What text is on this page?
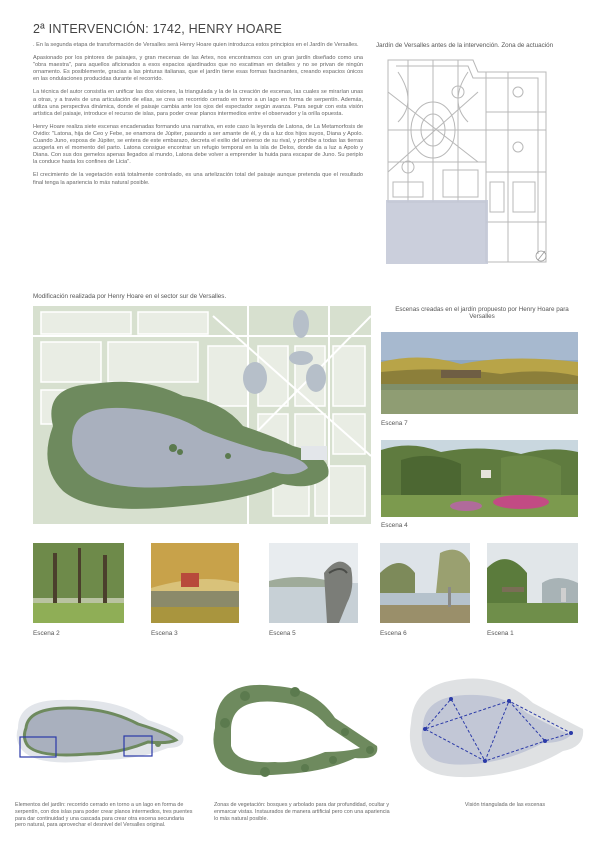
2ª INTERVENCIÓN: 1742, HENRY HOARE

. En la segunda etapa de transformación de Versalles será Henry Hoare quien introduzca estos principios en el Jardín de Versalles.

Apasionado por los pintores de paisajes, y gran mecenas de las Artes, nos encontramos con un gran jardín diseñado como una "obra maestra", para aquellos aficionados a esos espacios ajardinados que no escatiman en detalles y no se privan de ningún ornamento. Es posiblemente, gracias a las pinturas italianas, que el jardín tiene esas formas fascinantes, creando espacios únicos en las ondulaciones producidas durante el recorrido.

La técnica del autor consistía en unificar las dos visiones, la triangulada y la de la creación de escenas, las cuales se mirarían unas a otras, y a través de una articulación de ellas, se crea un recorrido cerrado en torno a un lago en forma de serpentín. Además, utiliza una perspectiva dinámica, donde el paisaje cambia ante los ojos del espectador según avanza. Para seguir con esta visión artística del paisaje, introduce el recurso de islas, para poder crear planos intermedios entre el observador y la orilla opuesta.

Henry Hoare realiza siete escenas encadenadas formando una narrativa, en este caso la leyenda de Latona, de La Metamorfosis de Ovidio: "Latona, hija de Ceo y Febe, se enamora de Júpiter, pasando a ser amante de él, y da a luz dos hijos suyos, Diana y Apolo. Cuando Juno, esposa de Júpiter, se entera de este embarazo, decreta el exilio del universo de su rival, y prohíbe a todas las tierras acogerla en el momento del parto. Latona consigue encontrar un refugio temporal en la isla de Delos, donde da a luz a Apolo y Diana. Con sus dos gemelos apenas llegados al mundo, Latona debe volver a emprender la huida para escapar de Juno. Su periplo la conduce hasta los confines de Licia".

El crecimiento de la vegetación está totalmente controlado, es una artelización total del paisaje aunque pretenda que el resultado final tenga la apariencia lo más natural posible.

Jardín de Versalles antes de la intervención. Zona de actuación
Modificación realizada por Henry Hoare en el sector sur de Versalles.
Escenas creadas en el jardín propuesto por Henry Hoare para Versalles
Escena 7
Escena 4
Escena 2	Escena 3	Escena 5	Escena 6	Escena 1
Elementos del jardín: recorrido cerrado en torno a un lago en forma de serpentín, con dos islas para poder crear planos intermedios, tres puentes para dar continuidad y una cascada para crear otra escena secundaria pero natural, para aprovechar el desnivel del Versalles original.
Zonas de vegetación: bosques y arbolado para dar profundidad, ocultar y enmarcar vistas. Instaurados de manera artificial pero con una apariencia lo más natural posible.
Visión triangulada de las escenas
